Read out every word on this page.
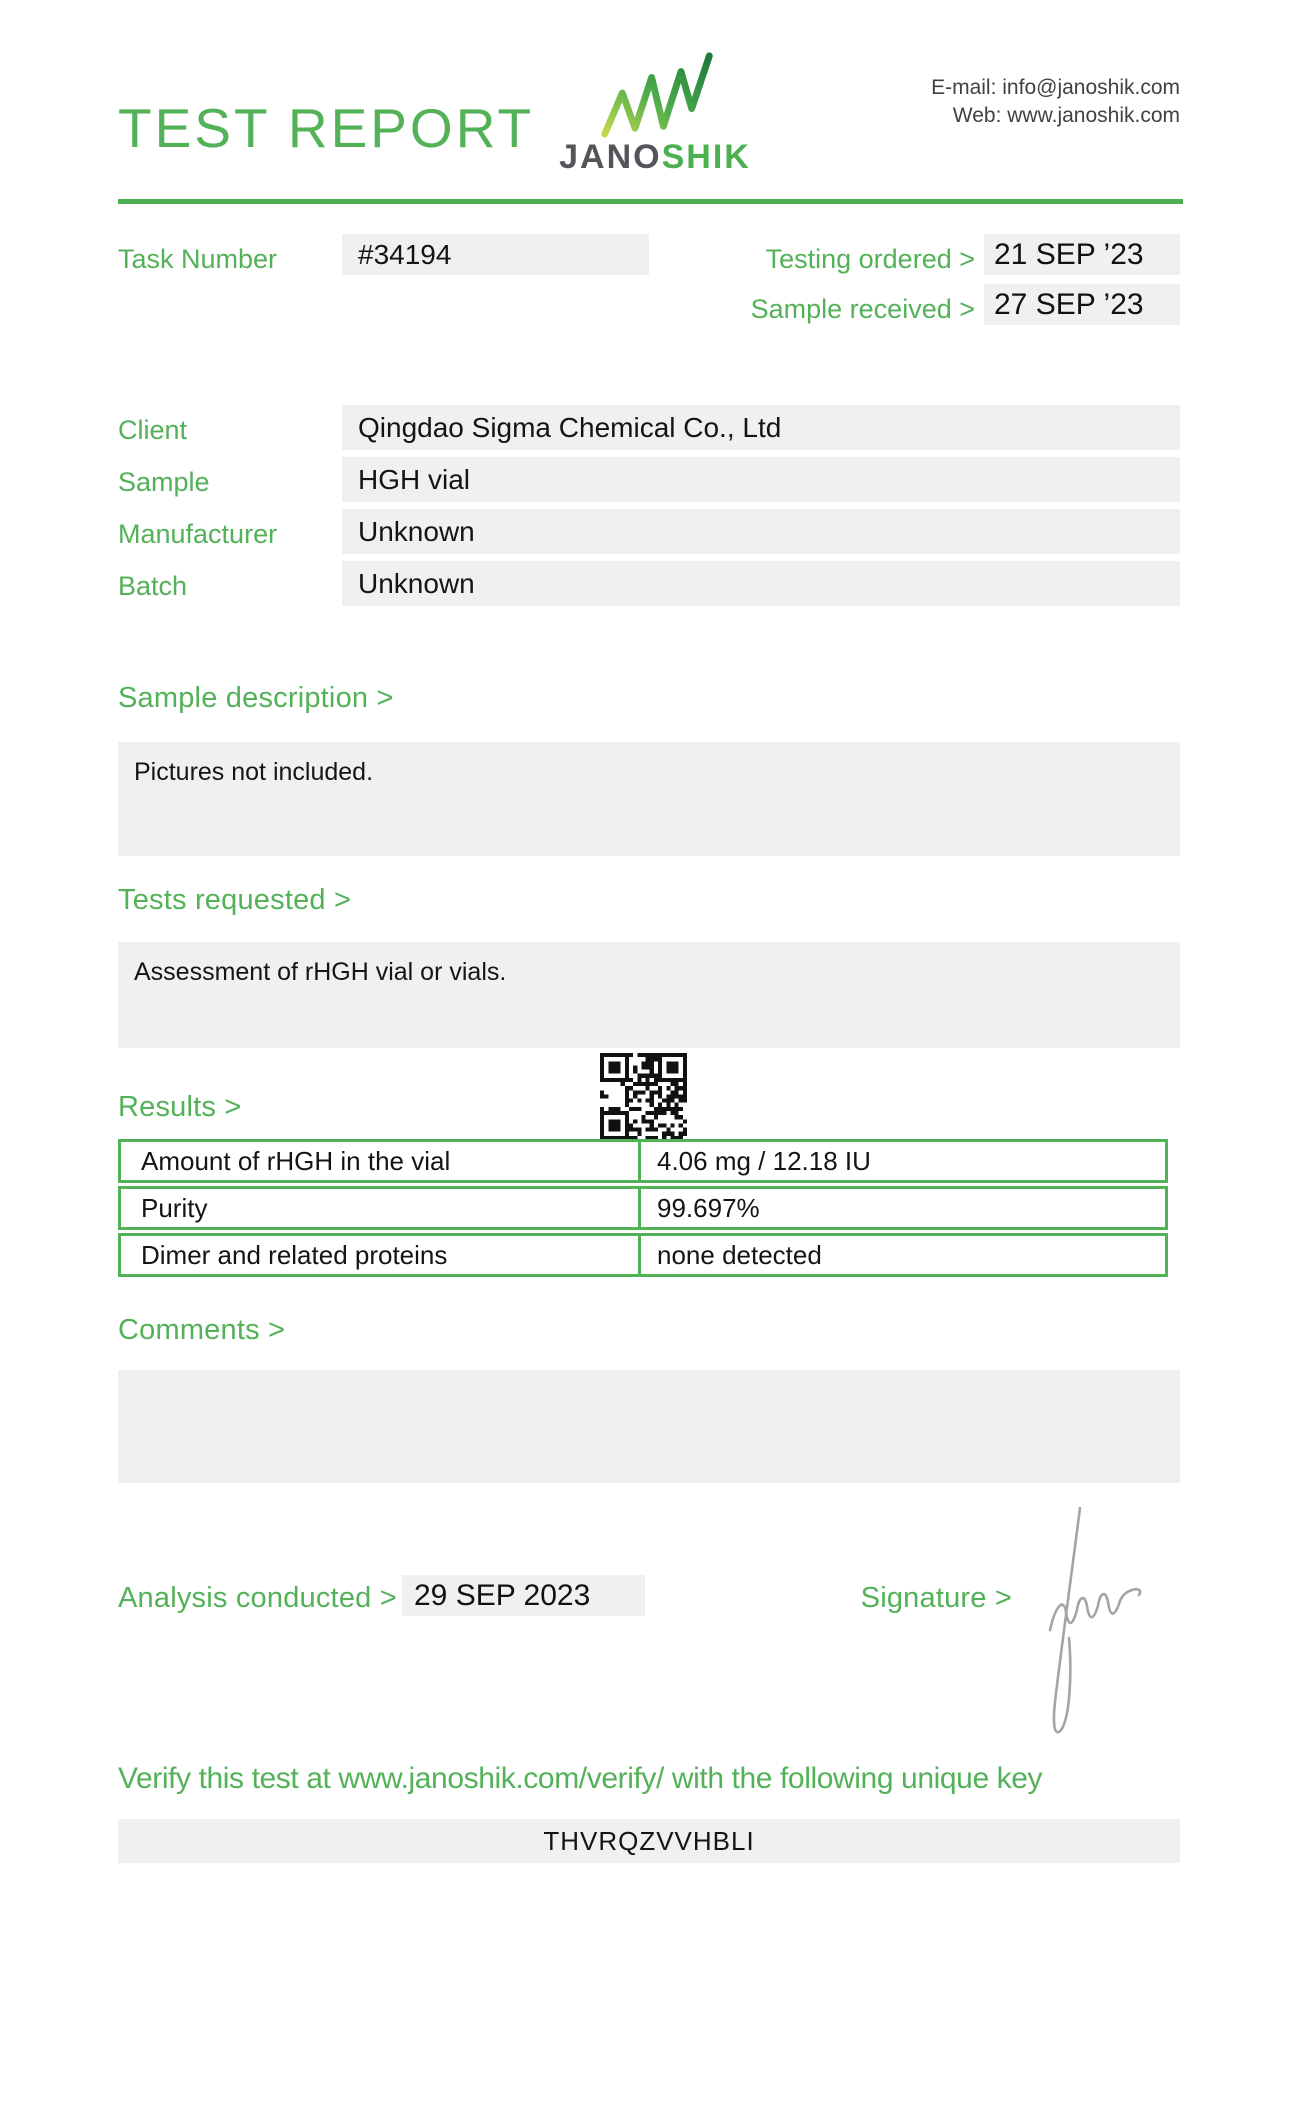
TEST REPORT JANOSHIK
E-mail: info@janoshik.com
Web: www.janoshik.com
Task Number	#34194	Testing ordered > 21 SEP ’23
Sample received > 27 SEP ’23
Client	Qingdao Sigma Chemical Co., Ltd
Sample	HGH vial
Manufacturer	Unknown
Batch	Unknown
Sample description >
Pictures not included.
Tests requested >
Assessment of rHGH vial or vials.
Results >
Amount of rHGH in the vial	4.06 mg / 12.18 IU
Purity	99.697%
Dimer and related proteins	none detected
Comments >
Analysis conducted > 29 SEP 2023	Signature >
Verify this test at www.janoshik.com/verify/ with the following unique key
THVRQZVVHBLI
